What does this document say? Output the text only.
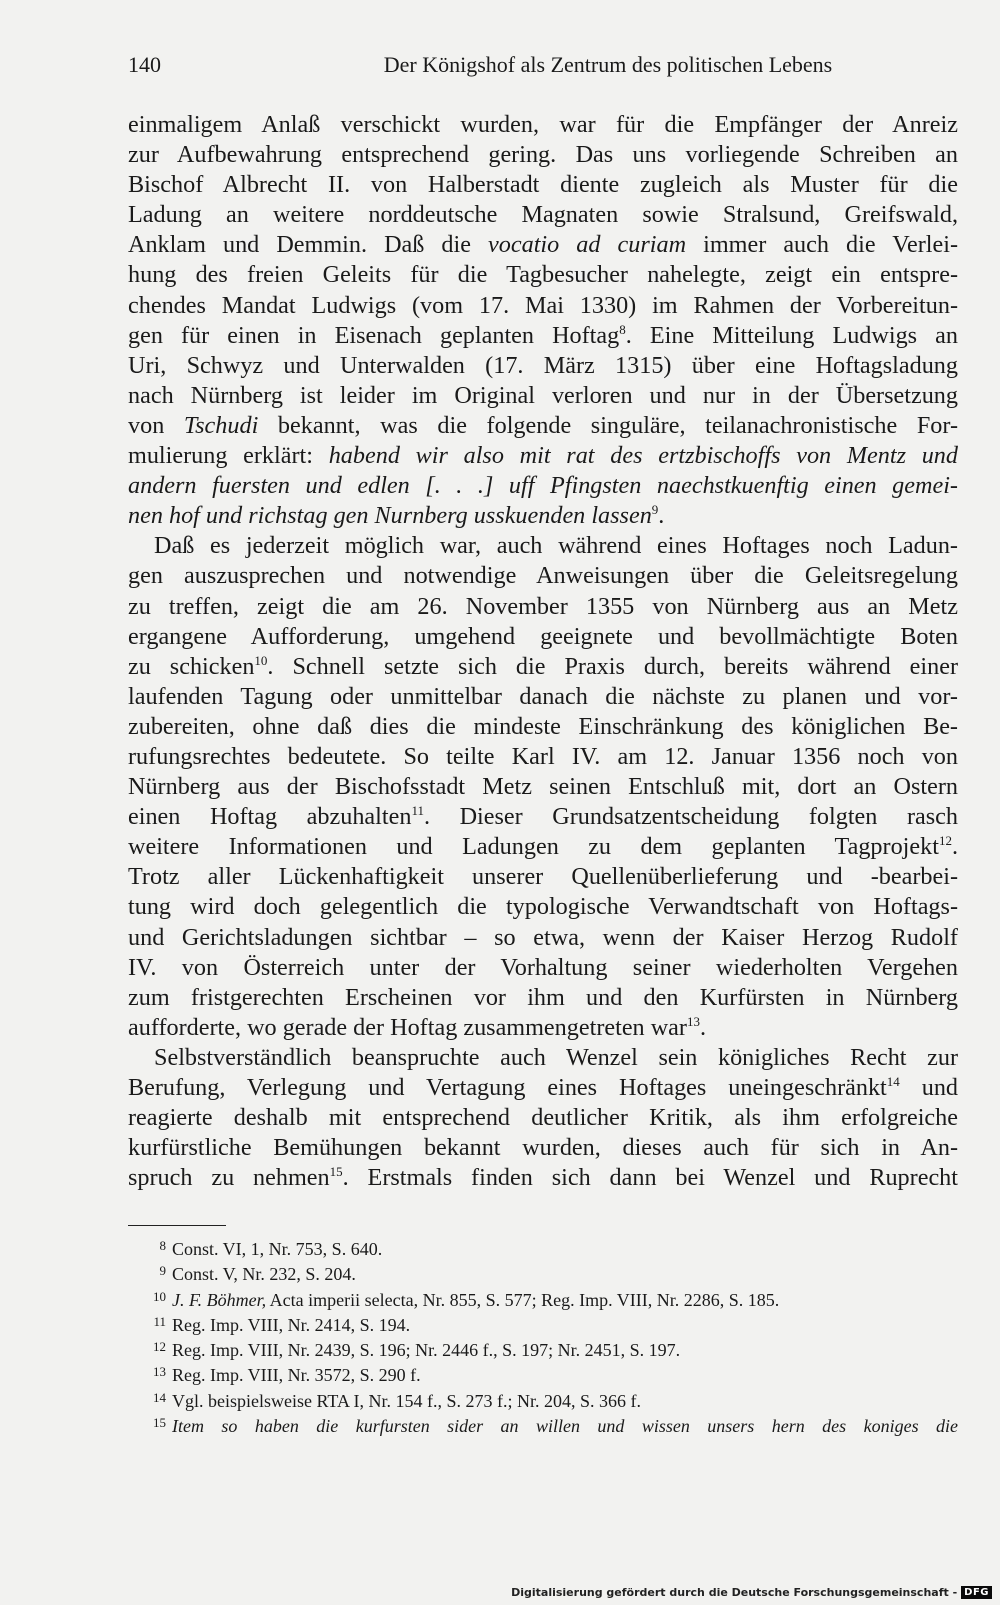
140	Der Königshof als Zentrum des politischen Lebens
einmaligem Anlaß verschickt wurden, war für die Empfänger der Anreiz
zur Aufbewahrung entsprechend gering. Das uns vorliegende Schreiben an
Bischof Albrecht II. von Halberstadt diente zugleich als Muster für die
Ladung an weitere norddeutsche Magnaten sowie Stralsund, Greifswald,
Anklam und Demmin. Daß die vocatio ad curiam immer auch die Verlei-
hung des freien Geleits für die Tagbesucher nahelegte, zeigt ein entspre-
chendes Mandat Ludwigs (vom 17. Mai 1330) im Rahmen der Vorbereitun-
gen für einen in Eisenach geplanten Hoftag$^8$. Eine Mitteilung Ludwigs an
Uri, Schwyz und Unterwalden (17. März 1315) über eine Hoftagsladung
nach Nürnberg ist leider im Original verloren und nur in der Übersetzung
von Tschudi bekannt, was die folgende singuläre, teilanachronistische For-
mulierung erklärt: habend wir also mit rat des ertzbischoffs von Mentz und
andern fuersten und edlen [. . .] uff Pfingsten naechstkuenftig einen gemei-
nen hof und richstag gen Nurnberg usskuenden lassen$^9$.
Daß es jederzeit möglich war, auch während eines Hoftages noch Ladun-
gen auszusprechen und notwendige Anweisungen über die Geleitsregelung
zu treffen, zeigt die am 26. November 1355 von Nürnberg aus an Metz
ergangene Aufforderung, umgehend geeignete und bevollmächtigte Boten
zu schicken$^{10}$. Schnell setzte sich die Praxis durch, bereits während einer
laufenden Tagung oder unmittelbar danach die nächste zu planen und vor-
zubereiten, ohne daß dies die mindeste Einschränkung des königlichen Be-
rufungsrechtes bedeutete. So teilte Karl IV. am 12. Januar 1356 noch von
Nürnberg aus der Bischofsstadt Metz seinen Entschluß mit, dort an Ostern
einen Hoftag abzuhalten$^{11}$. Dieser Grundsatzentscheidung folgten rasch
weitere Informationen und Ladungen zu dem geplanten Tagprojekt$^{12}$.
Trotz aller Lückenhaftigkeit unserer Quellenüberlieferung und -bearbei-
tung wird doch gelegentlich die typologische Verwandtschaft von Hoftags-
und Gerichtsladungen sichtbar – so etwa, wenn der Kaiser Herzog Rudolf
IV. von Österreich unter der Vorhaltung seiner wiederholten Vergehen
zum fristgerechten Erscheinen vor ihm und den Kurfürsten in Nürnberg
aufforderte, wo gerade der Hoftag zusammengetreten war$^{13}$.
Selbstverständlich beanspruchte auch Wenzel sein königliches Recht zur
Berufung, Verlegung und Vertagung eines Hoftages uneingeschränkt$^{14}$ und
reagierte deshalb mit entsprechend deutlicher Kritik, als ihm erfolgreiche
kurfürstliche Bemühungen bekannt wurden, dieses auch für sich in An-
spruch zu nehmen$^{15}$. Erstmals finden sich dann bei Wenzel und Ruprecht
8 Const. VI, 1, Nr. 753, S. 640.
9 Const. V, Nr. 232, S. 204.
10 J. F. Böhmer, Acta imperii selecta, Nr. 855, S. 577; Reg. Imp. VIII, Nr. 2286, S. 185.
11 Reg. Imp. VIII, Nr. 2414, S. 194.
12 Reg. Imp. VIII, Nr. 2439, S. 196; Nr. 2446 f., S. 197; Nr. 2451, S. 197.
13 Reg. Imp. VIII, Nr. 3572, S. 290 f.
14 Vgl. beispielsweise RTA I, Nr. 154 f., S. 273 f.; Nr. 204, S. 366 f.
15 Item so haben die kurfursten sider an willen und wissen unsers hern des koniges die
Digitalisierung gefördert durch die Deutsche Forschungsgemeinschaft - DFG
